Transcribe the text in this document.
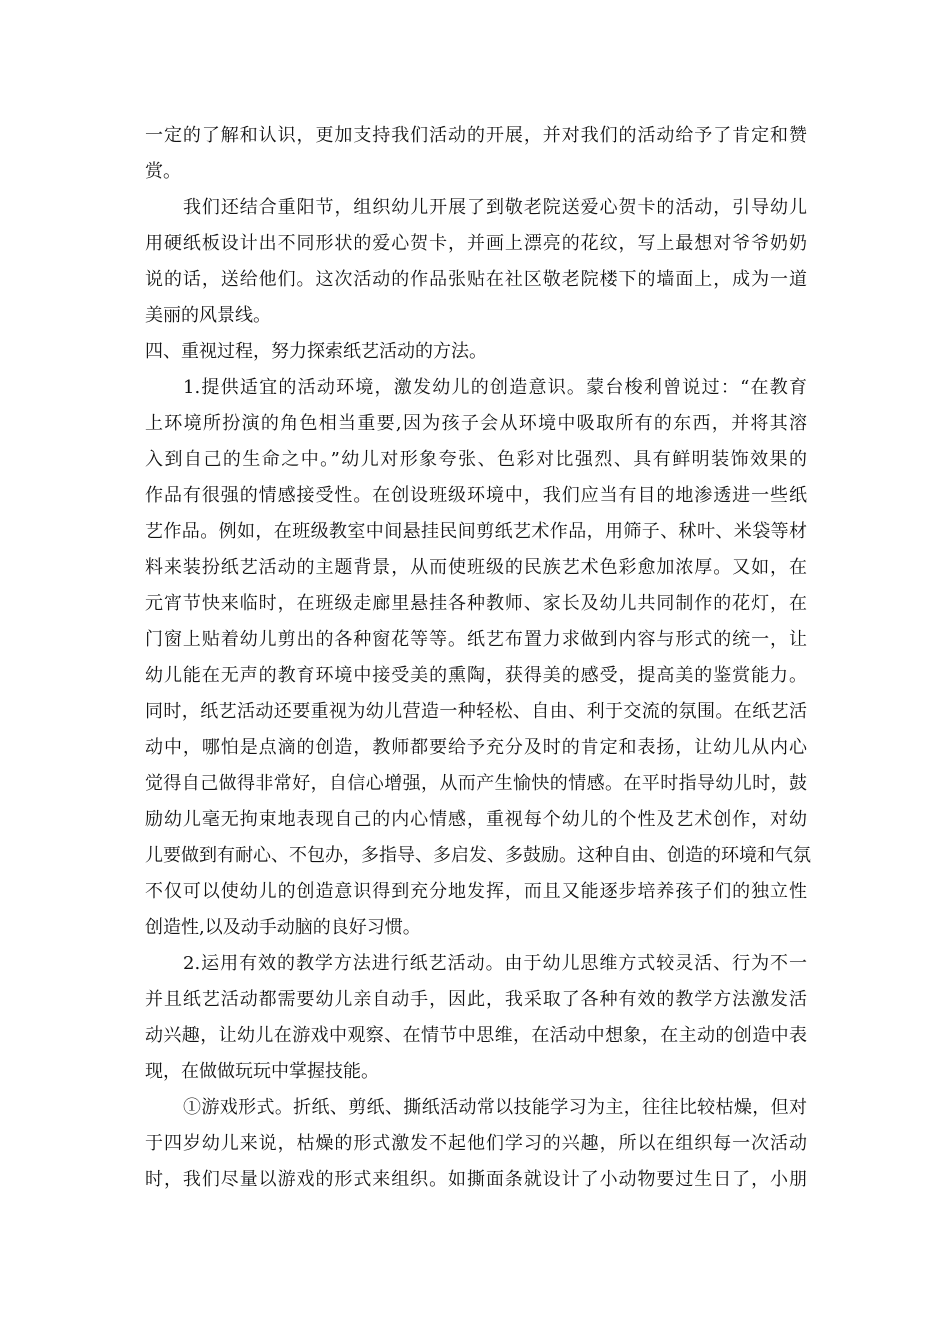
一定的了解和认识，更加支持我们活动的开展，并对我们的活动给予了肯定和赞

赏。

我们还结合重阳节，组织幼儿开展了到敬老院送爱心贺卡的活动，引导幼儿

用硬纸板设计出不同形状的爱心贺卡，并画上漂亮的花纹，写上最想对爷爷奶奶

说的话，送给他们。这次活动的作品张贴在社区敬老院楼下的墙面上，成为一道

美丽的风景线。

四、重视过程，努力探索纸艺活动的方法。

1.提供适宜的活动环境，激发幼儿的创造意识。蒙台梭利曾说过：“在教育

上环境所扮演的角色相当重要,因为孩子会从环境中吸取所有的东西，并将其溶

入到自己的生命之中。”幼儿对形象夸张、色彩对比强烈、具有鲜明装饰效果的

作品有很强的情感接受性。在创设班级环境中，我们应当有目的地渗透进一些纸

艺作品。例如，在班级教室中间悬挂民间剪纸艺术作品，用筛子、秫叶、米袋等材

料来装扮纸艺活动的主题背景，从而使班级的民族艺术色彩愈加浓厚。又如，在

元宵节快来临时，在班级走廊里悬挂各种教师、家长及幼儿共同制作的花灯，在

门窗上贴着幼儿剪出的各种窗花等等。纸艺布置力求做到内容与形式的统一，让

幼儿能在无声的教育环境中接受美的熏陶，获得美的感受，提高美的鉴赏能力。

同时，纸艺活动还要重视为幼儿营造一种轻松、自由、利于交流的氛围。在纸艺活

动中，哪怕是点滴的创造，教师都要给予充分及时的肯定和表扬，让幼儿从内心

觉得自己做得非常好，自信心增强，从而产生愉快的情感。在平时指导幼儿时，鼓

励幼儿毫无拘束地表现自己的内心情感，重视每个幼儿的个性及艺术创作，对幼

儿要做到有耐心、不包办，多指导、多启发、多鼓励。这种自由、创造的环境和气氛

不仅可以使幼儿的创造意识得到充分地发挥，而且又能逐步培养孩子们的独立性

创造性,以及动手动脑的良好习惯。

2.运用有效的教学方法进行纸艺活动。由于幼儿思维方式较灵活、行为不一

并且纸艺活动都需要幼儿亲自动手，因此，我采取了各种有效的教学方法激发活

动兴趣，让幼儿在游戏中观察、在情节中思维，在活动中想象，在主动的创造中表

现，在做做玩玩中掌握技能。

①游戏形式。折纸、剪纸、撕纸活动常以技能学习为主，往往比较枯燥，但对

于四岁幼儿来说，枯燥的形式激发不起他们学习的兴趣，所以在组织每一次活动

时，我们尽量以游戏的形式来组织。如撕面条就设计了小动物要过生日了，小朋
